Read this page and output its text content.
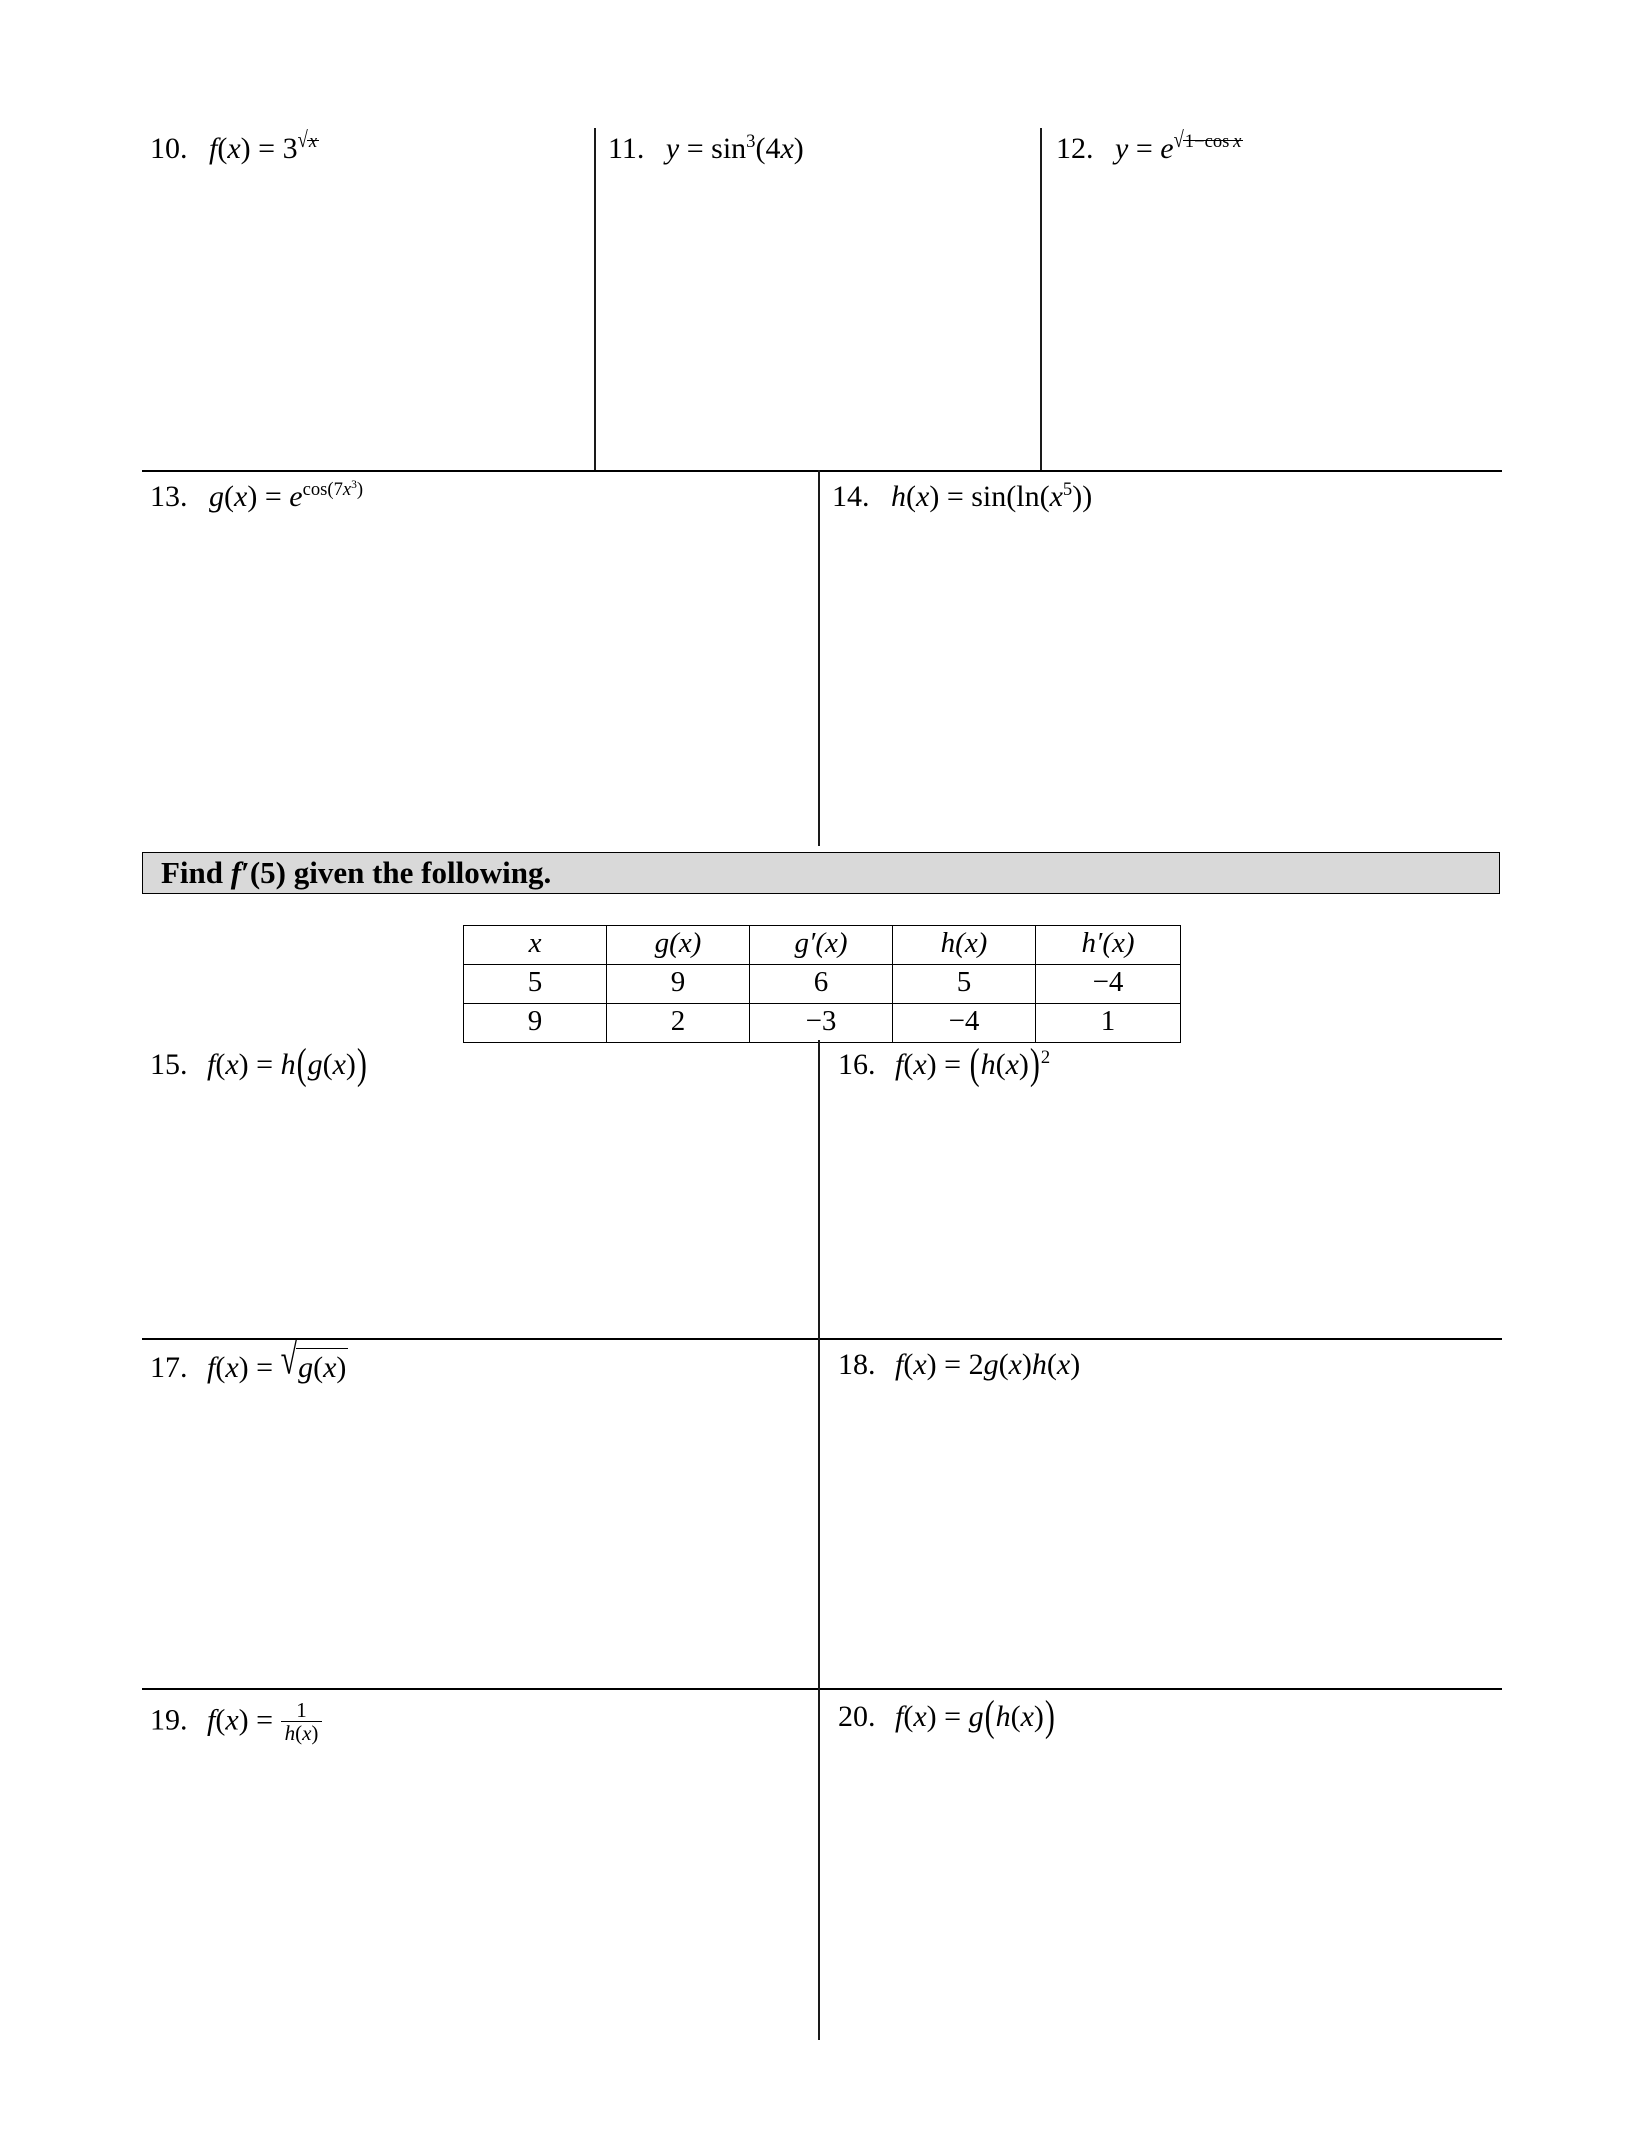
10. $f(x) = 3^{√x}$	11. $y = \sin^3(4x)$	12. $y = e^{√1-cos x}$
13. $g(x) = e^{cos(7x^3)}$	14. $h(x) = \sin(\ln(x^5))$
Find f′(5) given the following.
x	g(x)	g′(x)	h(x)	h′(x)
5	9	6	5	−4
9	2	−3	−4	1
15. f(x) = h(g(x))	16. $f(x) = (h(x))^2$
17. f(x) = √g(x)	18. f(x) = 2g(x)h(x)
19. $f(x) = \frac{1}{h(x)}$	20. f(x) = g(h(x))
